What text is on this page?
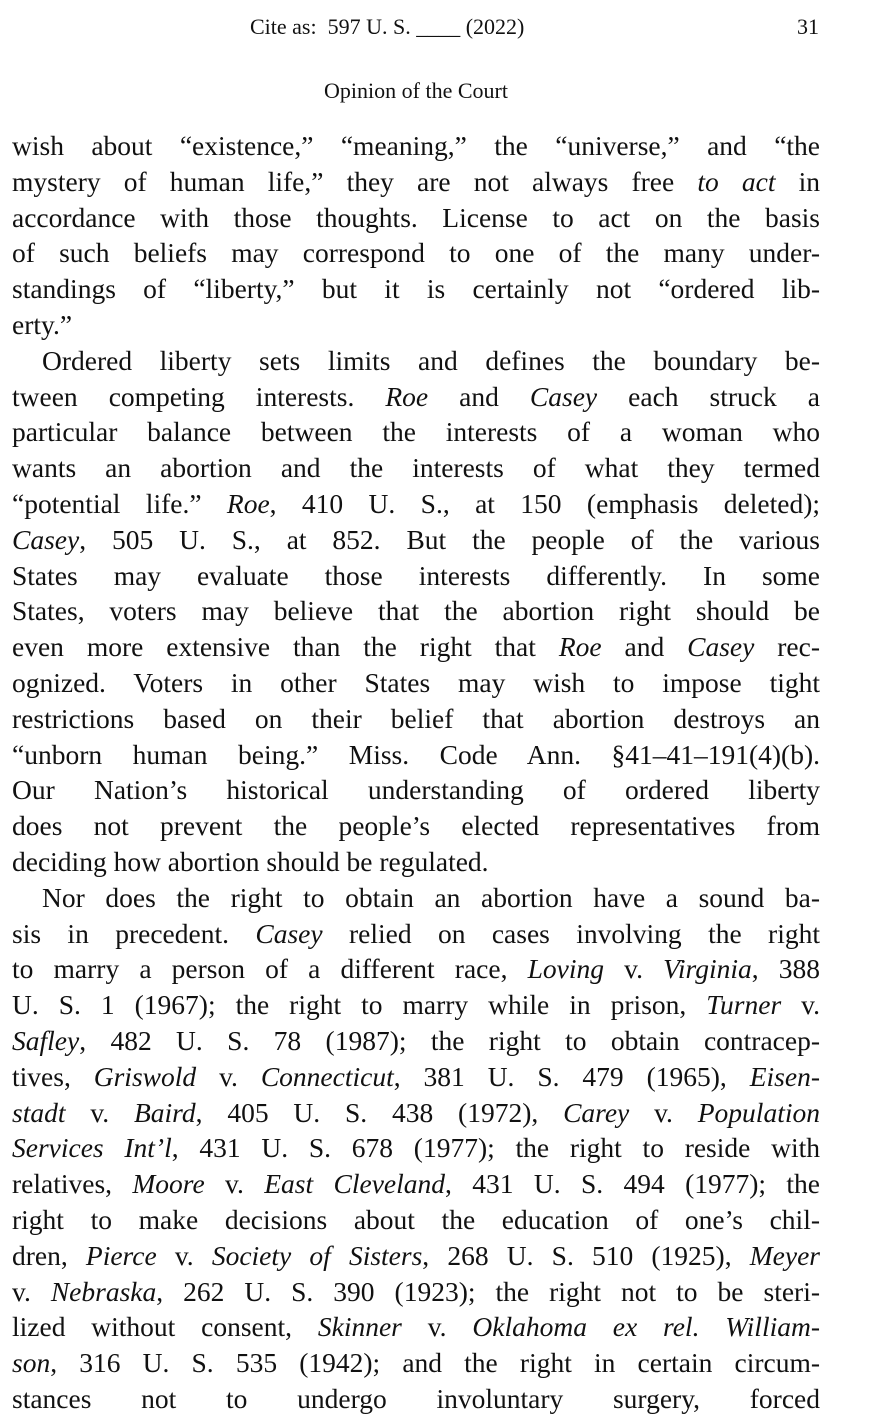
Cite as:  597 U. S. ____ (2022)	31
Opinion of the Court
wish about “existence,” “meaning,” the “universe,” and “the
mystery of human life,” they are not always free to act in
accordance with those thoughts. License to act on the basis
of such beliefs may correspond to one of the many under-
standings of “liberty,” but it is certainly not “ordered lib-
erty.”
Ordered liberty sets limits and defines the boundary be-
tween competing interests. Roe and Casey each struck a
particular balance between the interests of a woman who
wants an abortion and the interests of what they termed
“potential life.” Roe, 410 U. S., at 150 (emphasis deleted);
Casey, 505 U. S., at 852. But the people of the various
States may evaluate those interests differently. In some
States, voters may believe that the abortion right should be
even more extensive than the right that Roe and Casey rec-
ognized. Voters in other States may wish to impose tight
restrictions based on their belief that abortion destroys an
“unborn human being.” Miss. Code Ann. §41–41–191(4)(b).
Our Nation’s historical understanding of ordered liberty
does not prevent the people’s elected representatives from
deciding how abortion should be regulated.
Nor does the right to obtain an abortion have a sound ba-
sis in precedent. Casey relied on cases involving the right
to marry a person of a different race, Loving v. Virginia, 388
U. S. 1 (1967); the right to marry while in prison, Turner v.
Safley, 482 U. S. 78 (1987); the right to obtain contracep-
tives, Griswold v. Connecticut, 381 U. S. 479 (1965), Eisen-
stadt v. Baird, 405 U. S. 438 (1972), Carey v. Population
Services Int’l, 431 U. S. 678 (1977); the right to reside with
relatives, Moore v. East Cleveland, 431 U. S. 494 (1977); the
right to make decisions about the education of one’s chil-
dren, Pierce v. Society of Sisters, 268 U. S. 510 (1925), Meyer
v. Nebraska, 262 U. S. 390 (1923); the right not to be steri-
lized without consent, Skinner v. Oklahoma ex rel. William-
son, 316 U. S. 535 (1942); and the right in certain circum-
stances not to undergo involuntary surgery, forced
